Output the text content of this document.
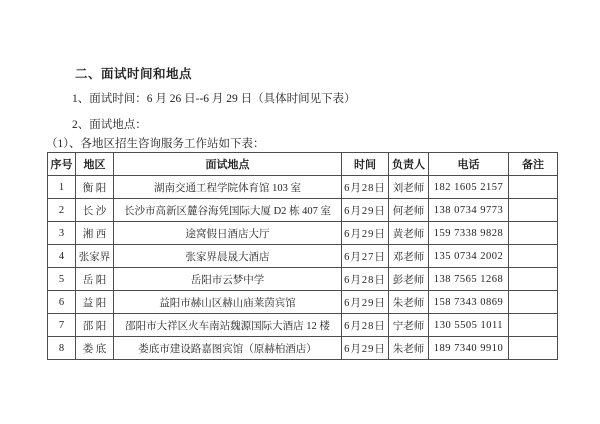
二、面试时间和地点
1、面试时间：6 月 26 日--6 月 29 日（具体时间见下表）
2、面试地点：
（1）、各地区招生咨询服务工作站如下表：
序号	地区	面试地点	时间	负责人	电话	备注
1	衡 阳	湖南交通工程学院体育馆 103 室	6月28日	刘老师	182 1605 2157	
2	长 沙	长沙市高新区麓谷海凭国际大厦 D2 栋 407 室	6月29日	何老师	138 0734 9773	
3	湘 西	途窝假日酒店大厅	6月29日	黄老师	159 7338 9828	
4	张家界	张家界晨晟大酒店	6月27日	邓老师	135 0734 2002	
5	岳 阳	岳阳市云梦中学	6月28日	彭老师	138 7565 1268	
6	益 阳	益阳市赫山区赫山庙莱茵宾馆	6月29日	朱老师	158 7343 0869	
7	邵 阳	邵阳市大祥区火车南站魏源国际大酒店 12 楼	6月28日	宁老师	130 5505 1011	
8	娄 底	娄底市建设路嘉图宾馆（原赫柏酒店）	6月29日	朱老师	189 7340 9910	
